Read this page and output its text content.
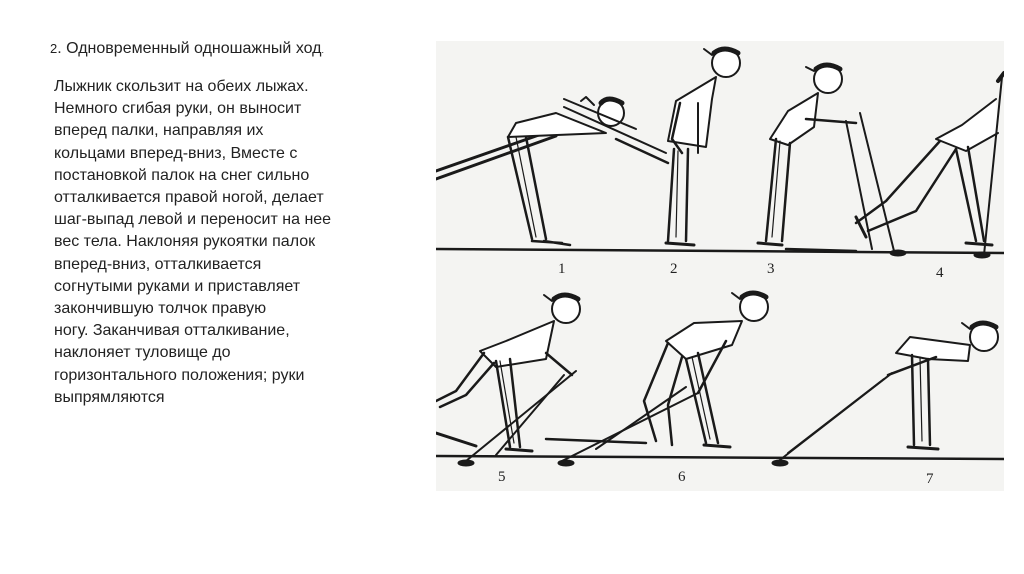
2. Одновременный одношажный ход.
Лыжник скользит на обеих лыжах.
Немного сгибая руки, он выносит
вперед палки, направляя их
кольцами вперед-вниз, Вместе с
постановкой палок на снег сильно
отталкивается правой ногой, делает
шаг-выпад левой и переносит на нее
вес тела. Наклоняя рукоятки палок
вперед-вниз, отталкивается
согнутыми руками и приставляет
закончившую толчок правую
ногу. Заканчивая отталкивание,
наклоняет туловище до
горизонтального положения; руки
выпрямляются
1	2	3	4
5	6	7
